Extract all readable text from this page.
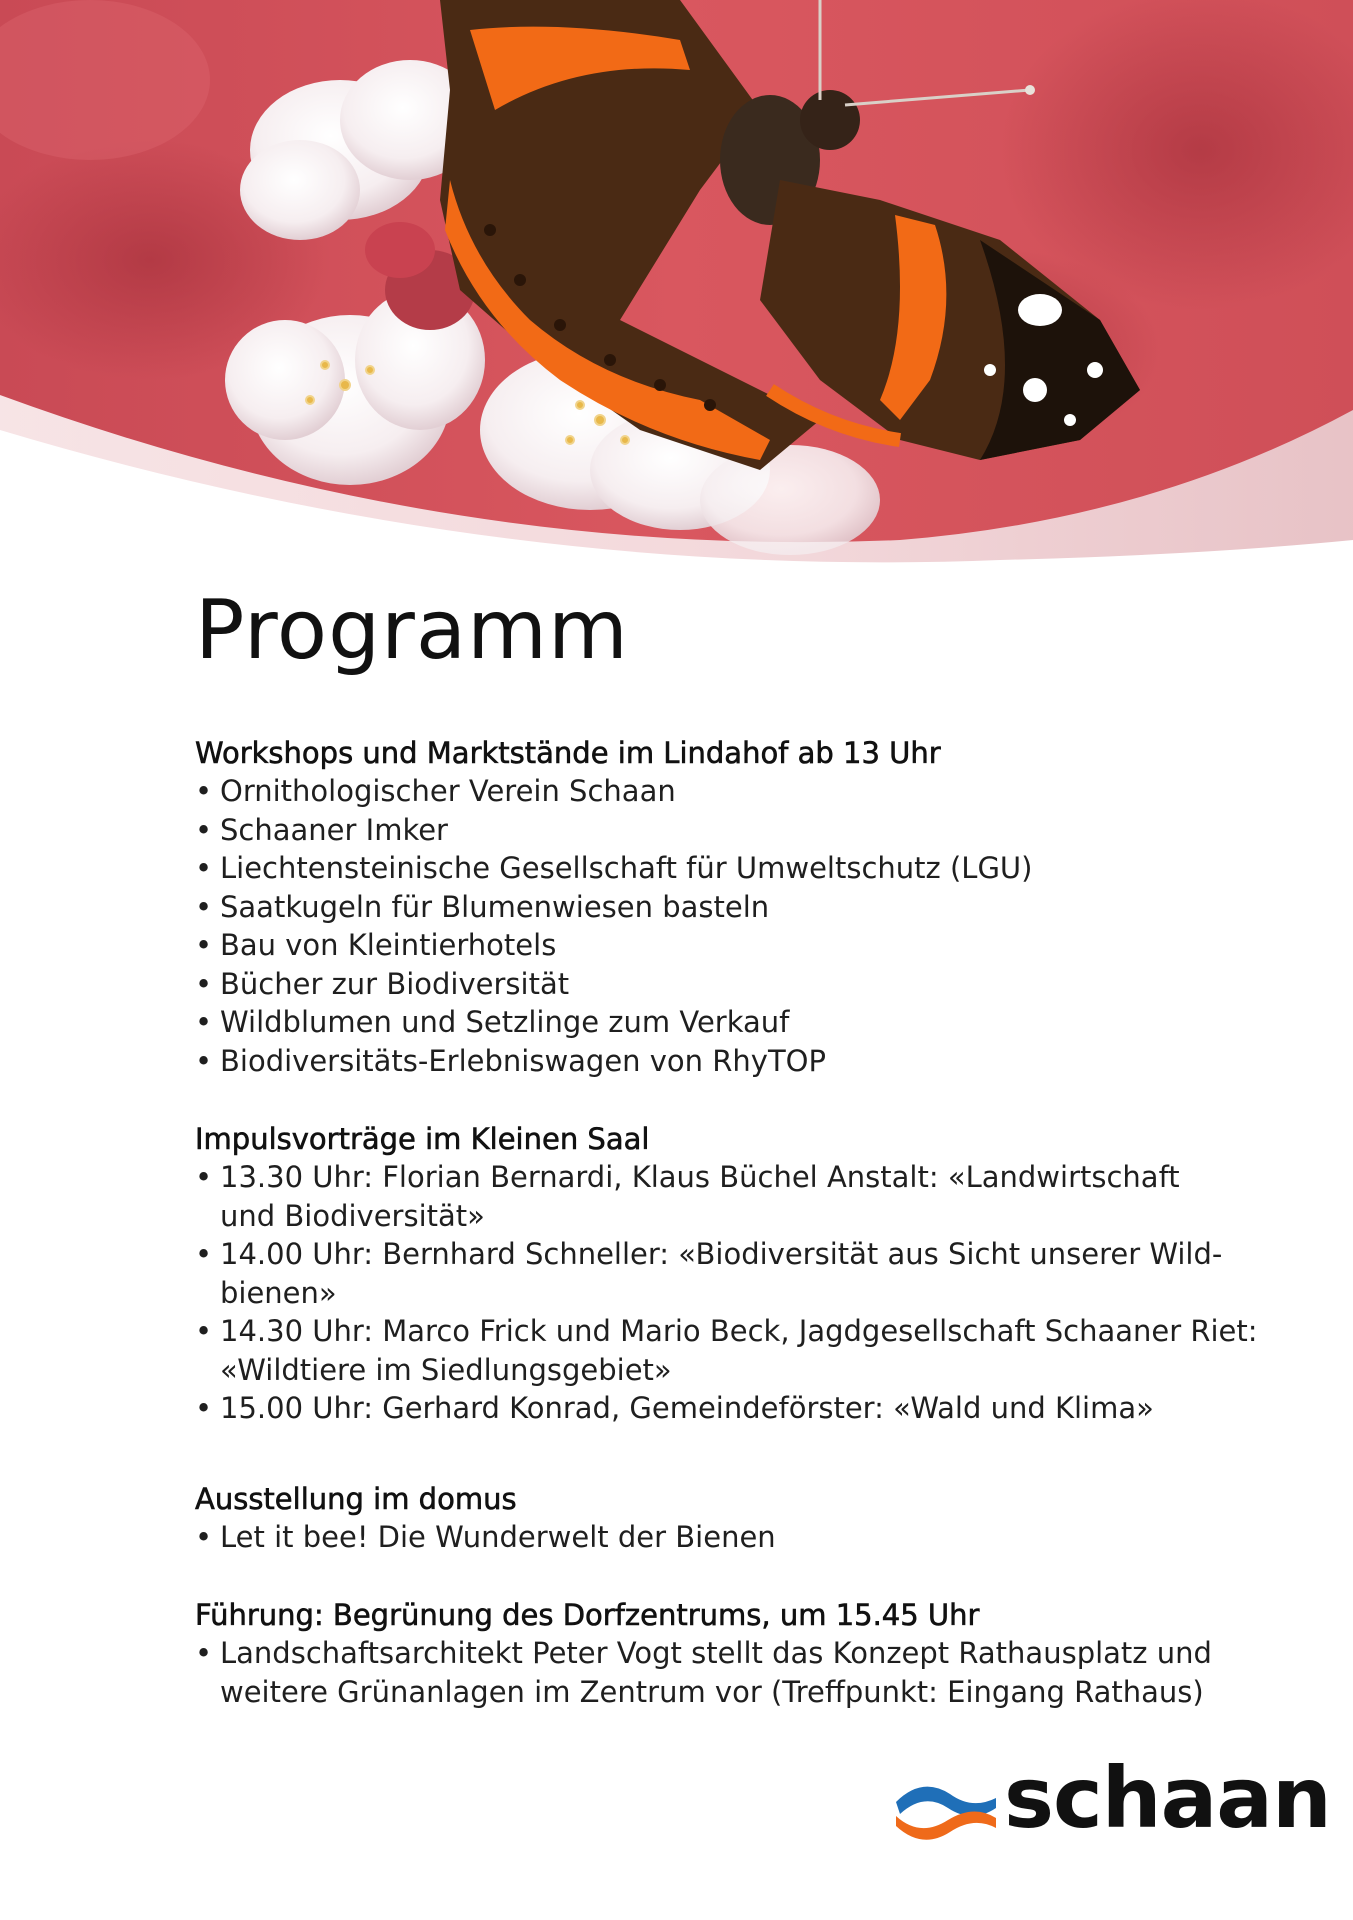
Programm
Workshops und Marktstände im Lindahof ab 13 Uhr
• Ornithologischer Verein Schaan
• Schaaner Imker
• Liechtensteinische Gesellschaft für Umweltschutz (LGU)
• Saatkugeln für Blumenwiesen basteln
• Bau von Kleintierhotels
• Bücher zur Biodiversität
• Wildblumen und Setzlinge zum Verkauf
• Biodiversitäts-Erlebniswagen von RhyTOP
Impulsvorträge im Kleinen Saal
• 13.30 Uhr: Florian Bernardi, Klaus Büchel Anstalt: «Landwirtschaft und Biodiversität»
• 14.00 Uhr: Bernhard Schneller: «Biodiversität aus Sicht unserer Wild-bienen»
• 14.30 Uhr: Marco Frick und Mario Beck, Jagdgesellschaft Schaaner Riet: «Wildtiere im Siedlungsgebiet»
• 15.00 Uhr: Gerhard Konrad, Gemeindeförster: «Wald und Klima»
Ausstellung im domus
• Let it bee! Die Wunderwelt der Bienen
Führung: Begrünung des Dorfzentrums, um 15.45 Uhr
• Landschaftsarchitekt Peter Vogt stellt das Konzept Rathausplatz und weitere Grünanlagen im Zentrum vor (Treffpunkt: Eingang Rathaus)
schaan
